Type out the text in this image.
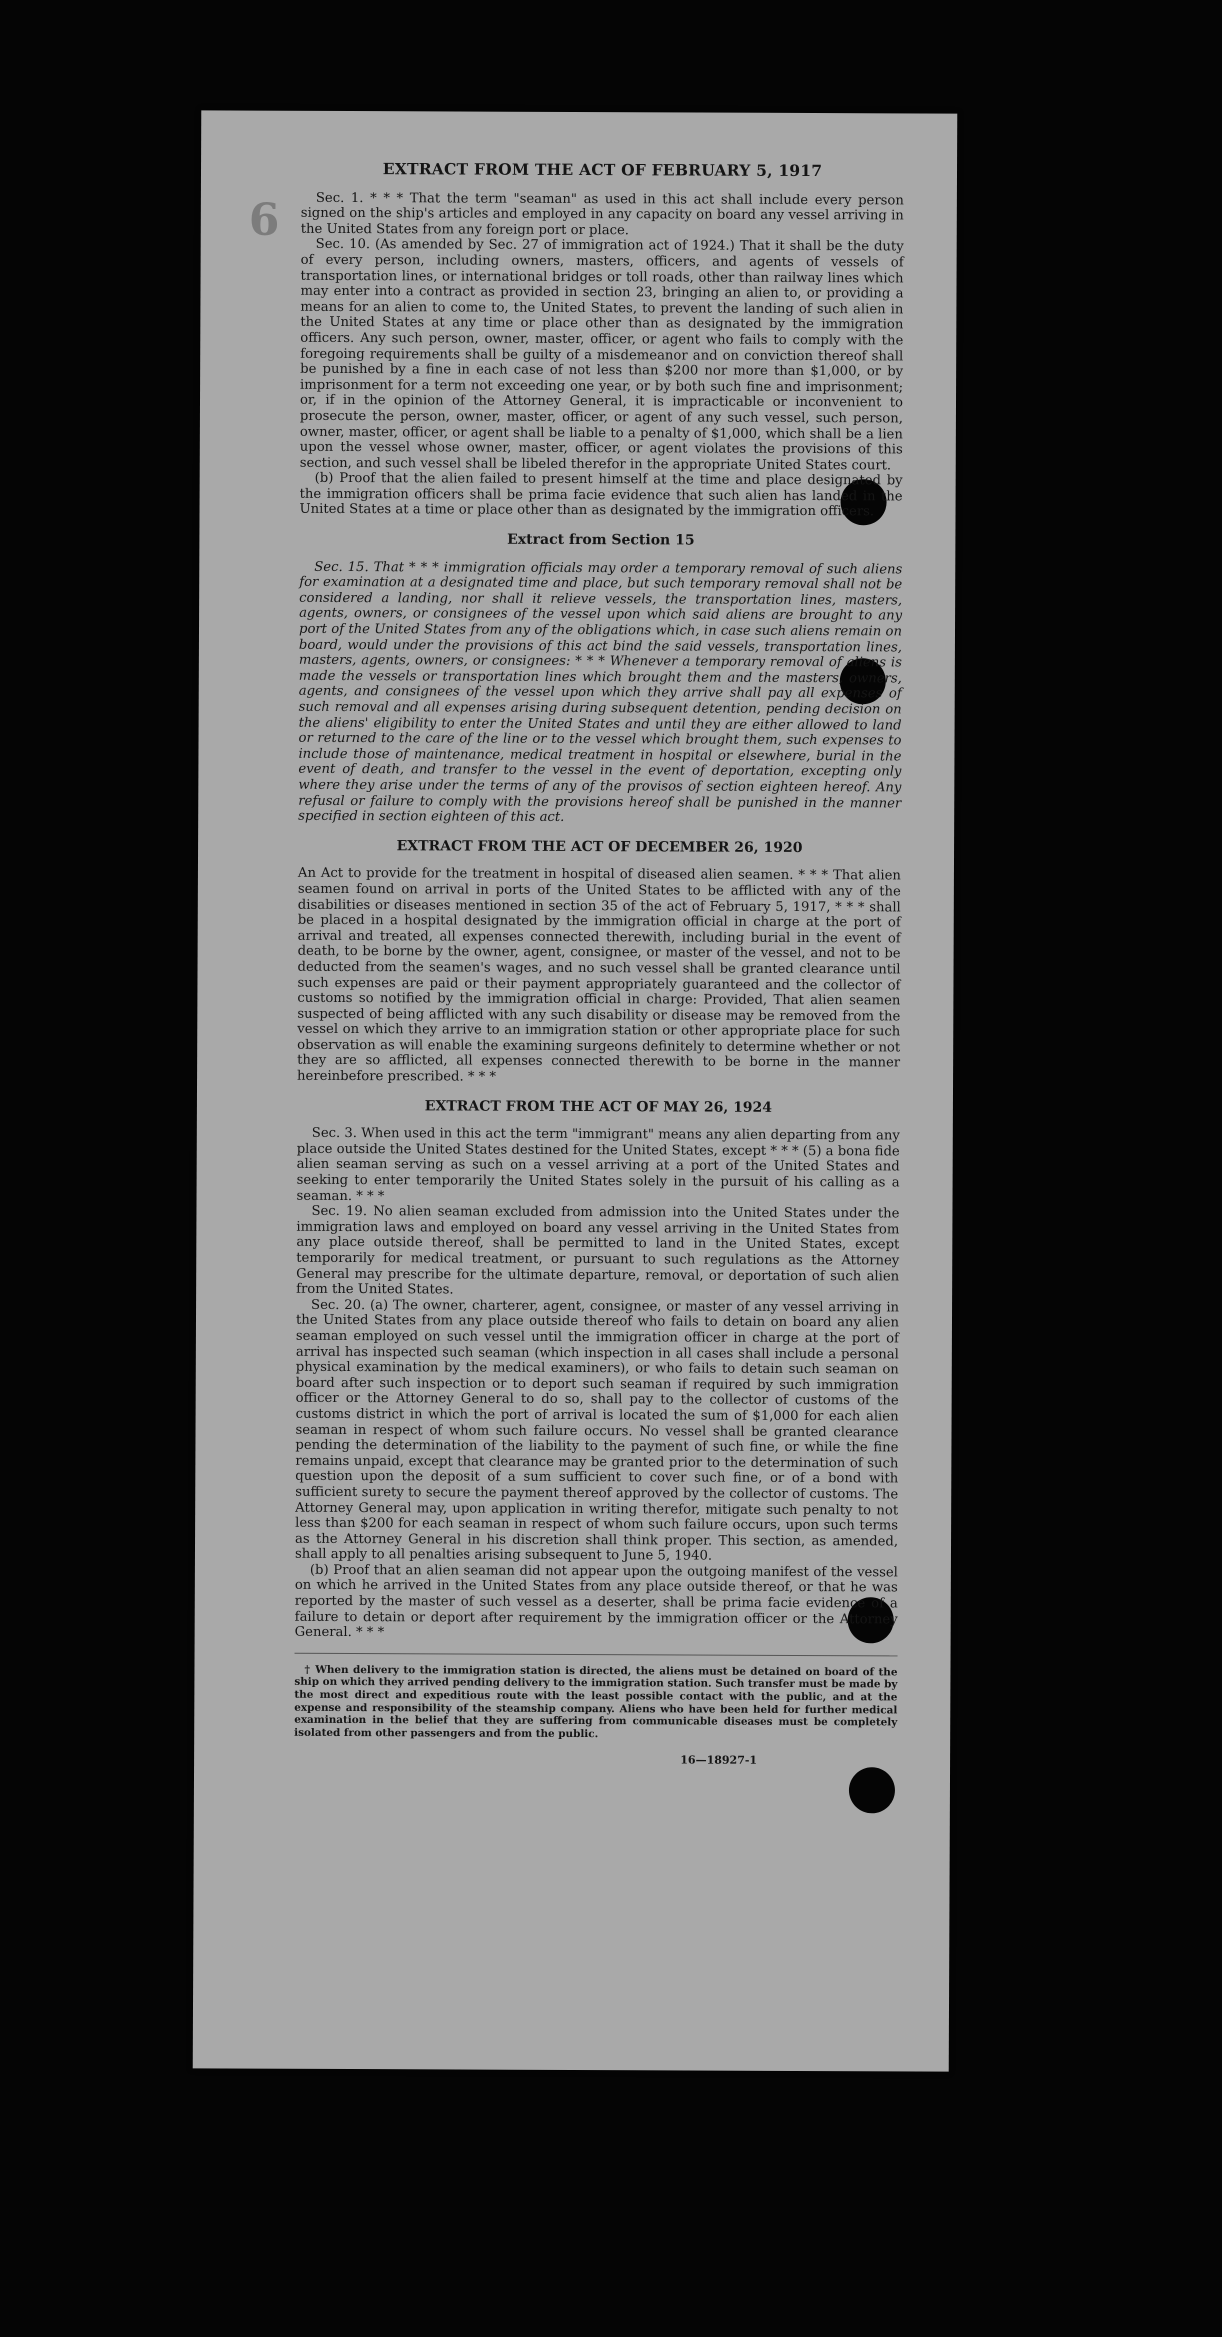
6
EXTRACT FROM THE ACT OF FEBRUARY 5, 1917

Sec. 1. * * * That the term "seaman" as used in this act shall include every person signed on the ship's articles and employed in any capacity on board any vessel arriving in the United States from any foreign port or place.

Sec. 10. (As amended by Sec. 27 of immigration act of 1924.) That it shall be the duty of every person, including owners, masters, officers, and agents of vessels of transportation lines, or international bridges or toll roads, other than railway lines which may enter into a contract as provided in section 23, bringing an alien to, or providing a means for an alien to come to, the United States, to prevent the landing of such alien in the United States at any time or place other than as designated by the immigration officers. Any such person, owner, master, officer, or agent who fails to comply with the foregoing requirements shall be guilty of a misdemeanor and on conviction thereof shall be punished by a fine in each case of not less than $200 nor more than $1,000, or by imprisonment for a term not exceeding one year, or by both such fine and imprisonment; or, if in the opinion of the Attorney General, it is impracticable or inconvenient to prosecute the person, owner, master, officer, or agent of any such vessel, such person, owner, master, officer, or agent shall be liable to a penalty of $1,000, which shall be a lien upon the vessel whose owner, master, officer, or agent violates the provisions of this section, and such vessel shall be libeled therefor in the appropriate United States court.

(b) Proof that the alien failed to present himself at the time and place designated by the immigration officers shall be prima facie evidence that such alien has landed in the United States at a time or place other than as designated by the immigration officers.

Extract from Section 15

Sec. 15. That * * * immigration officials may order a temporary removal of such aliens for examination at a designated time and place, but such temporary removal shall not be considered a landing, nor shall it relieve vessels, the transportation lines, masters, agents, owners, or consignees of the vessel upon which said aliens are brought to any port of the United States from any of the obligations which, in case such aliens remain on board, would under the provisions of this act bind the said vessels, transportation lines, masters, agents, owners, or consignees: * * * Whenever a temporary removal of aliens is made the vessels or transportation lines which brought them and the masters, owners, agents, and consignees of the vessel upon which they arrive shall pay all expenses of such removal and all expenses arising during subsequent detention, pending decision on the aliens' eligibility to enter the United States and until they are either allowed to land or returned to the care of the line or to the vessel which brought them, such expenses to include those of maintenance, medical treatment in hospital or elsewhere, burial in the event of death, and transfer to the vessel in the event of deportation, excepting only where they arise under the terms of any of the provisos of section eighteen hereof. Any refusal or failure to comply with the provisions hereof shall be punished in the manner specified in section eighteen of this act.

EXTRACT FROM THE ACT OF DECEMBER 26, 1920

An Act to provide for the treatment in hospital of diseased alien seamen. * * * That alien seamen found on arrival in ports of the United States to be afflicted with any of the disabilities or diseases mentioned in section 35 of the act of February 5, 1917, * * * shall be placed in a hospital designated by the immigration official in charge at the port of arrival and treated, all expenses connected therewith, including burial in the event of death, to be borne by the owner, agent, consignee, or master of the vessel, and not to be deducted from the seamen's wages, and no such vessel shall be granted clearance until such expenses are paid or their payment appropriately guaranteed and the collector of customs so notified by the immigration official in charge: Provided, That alien seamen suspected of being afflicted with any such disability or disease may be removed from the vessel on which they arrive to an immigration station or other appropriate place for such observation as will enable the examining surgeons definitely to determine whether or not they are so afflicted, all expenses connected therewith to be borne in the manner hereinbefore prescribed. * * *

EXTRACT FROM THE ACT OF MAY 26, 1924

Sec. 3. When used in this act the term "immigrant" means any alien departing from any place outside the United States destined for the United States, except * * * (5) a bona fide alien seaman serving as such on a vessel arriving at a port of the United States and seeking to enter temporarily the United States solely in the pursuit of his calling as a seaman. * * *

Sec. 19. No alien seaman excluded from admission into the United States under the immigration laws and employed on board any vessel arriving in the United States from any place outside thereof, shall be permitted to land in the United States, except temporarily for medical treatment, or pursuant to such regulations as the Attorney General may prescribe for the ultimate departure, removal, or deportation of such alien from the United States.

Sec. 20. (a) The owner, charterer, agent, consignee, or master of any vessel arriving in the United States from any place outside thereof who fails to detain on board any alien seaman employed on such vessel until the immigration officer in charge at the port of arrival has inspected such seaman (which inspection in all cases shall include a personal physical examination by the medical examiners), or who fails to detain such seaman on board after such inspection or to deport such seaman if required by such immigration officer or the Attorney General to do so, shall pay to the collector of customs of the customs district in which the port of arrival is located the sum of $1,000 for each alien seaman in respect of whom such failure occurs. No vessel shall be granted clearance pending the determination of the liability to the payment of such fine, or while the fine remains unpaid, except that clearance may be granted prior to the determination of such question upon the deposit of a sum sufficient to cover such fine, or of a bond with sufficient surety to secure the payment thereof approved by the collector of customs. The Attorney General may, upon application in writing therefor, mitigate such penalty to not less than $200 for each seaman in respect of whom such failure occurs, upon such terms as the Attorney General in his discretion shall think proper. This section, as amended, shall apply to all penalties arising subsequent to June 5, 1940.

(b) Proof that an alien seaman did not appear upon the outgoing manifest of the vessel on which he arrived in the United States from any place outside thereof, or that he was reported by the master of such vessel as a deserter, shall be prima facie evidence of a failure to detain or deport after requirement by the immigration officer or the Attorney General. * * *

† When delivery to the immigration station is directed, the aliens must be detained on board of the ship on which they arrived pending delivery to the immigration station. Such transfer must be made by the most direct and expeditious route with the least possible contact with the public, and at the expense and responsibility of the steamship company. Aliens who have been held for further medical examination in the belief that they are suffering from communicable diseases must be completely isolated from other passengers and from the public.

16—18927-1
